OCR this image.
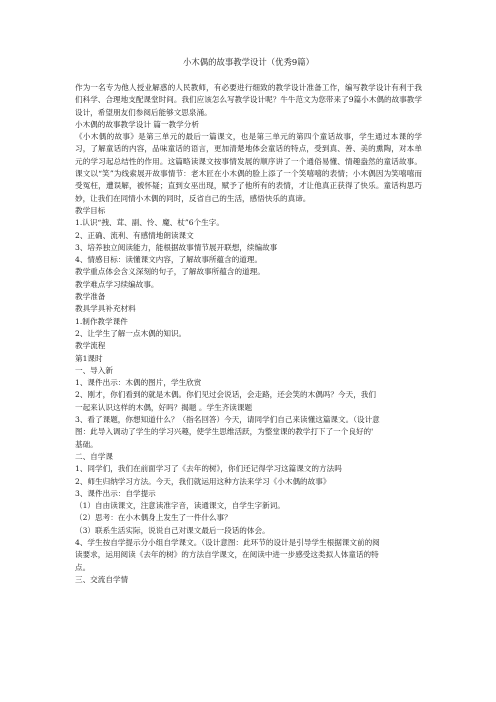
小木偶的故事教学设计（优秀9篇）

作为一名专为他人授业解惑的人民教师，有必要进行细致的教学设计准备工作，编写教学设计有利于我们科学、合理地支配课堂时间。我们应该怎么写教学设计呢？牛牛范文为您带来了9篇小木偶的故事教学设计，希望朋友们参阅后能够文思泉涌。

小木偶的故事教学设计 篇一教学分析

《小木偶的故事》是第三单元的最后一篇课文，也是第三单元的第四个童话故事，学生通过本课的学习，了解童话的内容，品味童话的语言，更加清楚地体会童话的特点，受到真、善、美的熏陶，对本单元的学习起总结性的作用。这篇略读课文按事情发展的顺序讲了一个通俗易懂、情趣盎然的童话故事。课文以“笑”为线索展开故事情节：老木匠在小木偶的脸上添了一个笑嘻嘻的表情；小木偶因为笑嘻嘻而受冤枉，遭误解，被怀疑；直到女巫出现，赋予了他所有的表情，才让他真正获得了快乐。童话构思巧妙，让我们在同情小木偶的同时，反省自己的生活，感悟快乐的真谛。

教学目标

1.认识“拽、茸、副、怜、魔、杖”6个生字。

2、正确、流利、有感情地朗读课文

3、培养独立阅读能力，能根据故事情节展开联想，续编故事

4、情感目标：读懂课文内容，了解故事所蕴含的道理。

教学重点体会含义深刻的句子，了解故事所蕴含的道理。

教学难点学习续编故事。

教学准备

教具学具补充材料

1.制作教学课件

2、让学生了解一点木偶的知识。

教学流程

第1课时

一、导入新

1、课件出示：木偶的图片，学生欣赏

2、刚才，你们看到的就是木偶。你们见过会说话，会走路，还会笑的木偶吗？今天，我们

一起来认识这样的木偶，好吗？揭题 。学生齐读课题

3、看了课题，你想知道什么？（指名回答）今天，请同学们自己来读懂这篇课文。（设计意

图：此导入调动了学生的学习兴趣，使学生思维活跃，为整堂课的教学打下了一个良好的'

基础。

二、自学课

1、同学们，我们在前面学习了《去年的树》，你们还记得学习这篇课文的方法吗

2、师生归纳学习方法。今天，我们就运用这种方法来学习《小木偶的故事》

3、课件出示：自学提示

（1）自由读课文，注意读准字音，读通课文，自学生字新词。

（2）思考：在小木偶身上发生了一件什么事？

（3）联系生活实际，说说自己对课文最后一段话的体会。

4、学生按自学提示分小组自学课文。（设计意图：此环节的设计是引导学生根据课文前的阅

读要求，运用阅读《去年的树》的方法自学课文，在阅读中进一步感受这类拟人体童话的特

点。

三、交流自学情
